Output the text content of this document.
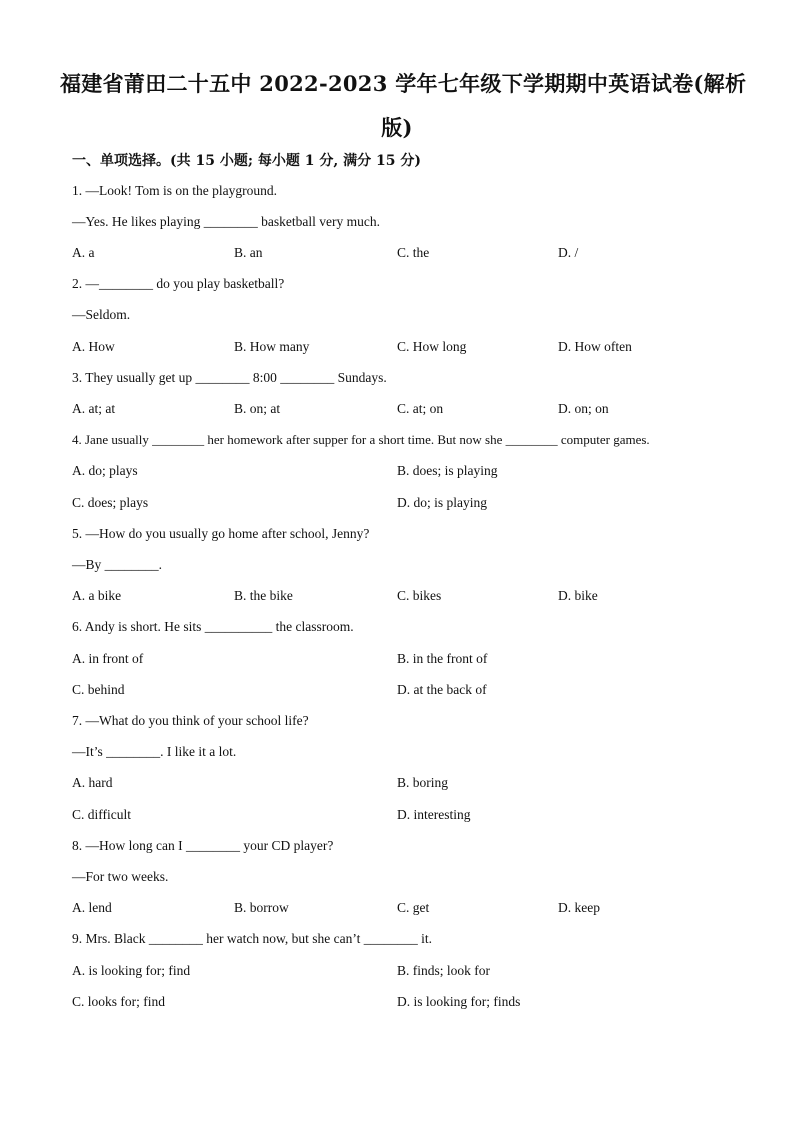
福建省莆田二十五中 2022-2023 学年七年级下学期期中英语试卷(解析
版)
一、单项选择。(共 15 小题; 每小题 1 分, 满分 15 分)
1. —Look! Tom is on the playground.
—Yes. He likes playing ________ basketball very much.
A. a	B. an	C. the	D. /
2. —________ do you play basketball?
—Seldom.
A. How	B. How many	C. How long	D. How often
3. They usually get up ________ 8:00 ________ Sundays.
A. at; at	B. on; at	C. at; on	D. on; on
4. Jane usually ________ her homework after supper for a short time. But now she ________ computer games.
A. do; plays	B. does; is playing
C. does; plays	D. do; is playing
5. —How do you usually go home after school, Jenny?
—By ________.
A. a bike	B. the bike	C. bikes	D. bike
6. Andy is short. He sits __________ the classroom.
A. in front of	B. in the front of
C. behind	D. at the back of
7. —What do you think of your school life?
—It’s ________. I like it a lot.
A. hard	B. boring
C. difficult	D. interesting
8. —How long can I ________ your CD player?
—For two weeks.
A. lend	B. borrow	C. get	D. keep
9. Mrs. Black ________ her watch now, but she can’t ________ it.
A. is looking for; find	B. finds; look for
C. looks for; find	D. is looking for; finds
